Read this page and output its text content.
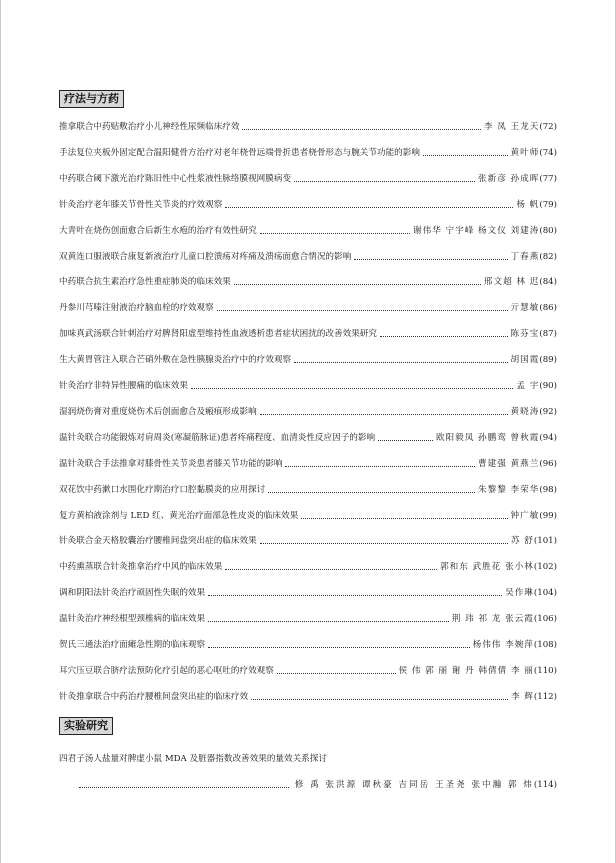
疗法与方药
推拿联合中药贴敷治疗小儿神经性尿频临床疗效	李 凤 王龙天 (72)
手法复位夹板外固定配合温阳健骨方治疗对老年桡骨远端骨折患者桡骨形态与腕关节功能的影响	黄叶师 (74)
中药联合阈下激光治疗陈旧性中心性浆液性脉络膜视网膜病变	张新彦 孙成晖 (77)
针灸治疗老年膝关节骨性关节炎的疗效观察	杨 帆 (79)
大青叶在烧伤创面愈合后新生水疱的治疗有效性研究	谢伟华 宁宇峰 杨文仪 刘建涛 (80)
双黄连口服液联合康复新液治疗儿童口腔溃疡对疼痛及溃疡面愈合情况的影响	丁春燕 (82)
中药联合抗生素治疗急性重症肺炎的临床效果	邢文超 林 迟 (84)
丹参川芎嗪注射液治疗脑血栓的疗效观察	亓慧敏 (86)
加味真武汤联合针刺治疗对脾肾阳虚型维持性血液透析患者症状困扰的改善效果研究	陈芬宝 (87)
生大黄胃管注入联合芒硝外敷在急性胰腺炎治疗中的疗效观察	胡国霞 (89)
针灸治疗非特异性腰痛的临床效果	孟 宇 (90)
湿润烧伤膏对重度烧伤术后创面愈合及瘢痕形成影响	黄晓涛 (92)
温针灸联合功能锻炼对肩周炎(寒凝筋脉证)患者疼痛程度、血清炎性反应因子的影响	欧阳毅凤 孙鹏鸾 曾秋霞 (94)
温针灸联合手法推拿对膝骨性关节炎患者膝关节功能的影响	曹建强 黄燕兰 (96)
双花饮中药漱口水围化疗期治疗口腔黏膜炎的应用探讨	朱黎黎 李荣华 (98)
复方黄柏液涂剂与 LED 红、黄光治疗面部急性皮炎的临床效果	钟广敏 (99)
针灸联合金天格胶囊治疗腰椎间盘突出症的临床效果	苏 舒 (101)
中药熏蒸联合针灸推拿治疗中风的临床效果	郭和东 武胜花 张小林 (102)
调和阴阳法针灸治疗顽固性失眠的效果	吴作琳 (104)
温针灸治疗神经根型颈椎病的临床效果	荆 玮 祁 龙 张云霞 (106)
贺氏三通法治疗面瘫急性期的临床观察	杨伟伟 李婉萍 (108)
耳穴压豆联合脐疗法预防化疗引起的恶心呕吐的疗效观察	侯 伟 郭 丽 谢 丹 韩倩倩 李 丽 (110)
针灸推拿联合中药治疗腰椎间盘突出症的临床疗效	李 辉 (112)
实验研究
四君子汤人盐量对脾虚小鼠 MDA 及脏器指数改善效果的量效关系探讨
修 禹 张洪源 谭秋豪 吉同岳 王圣尧 张中瀚 郭 炜 (114)
